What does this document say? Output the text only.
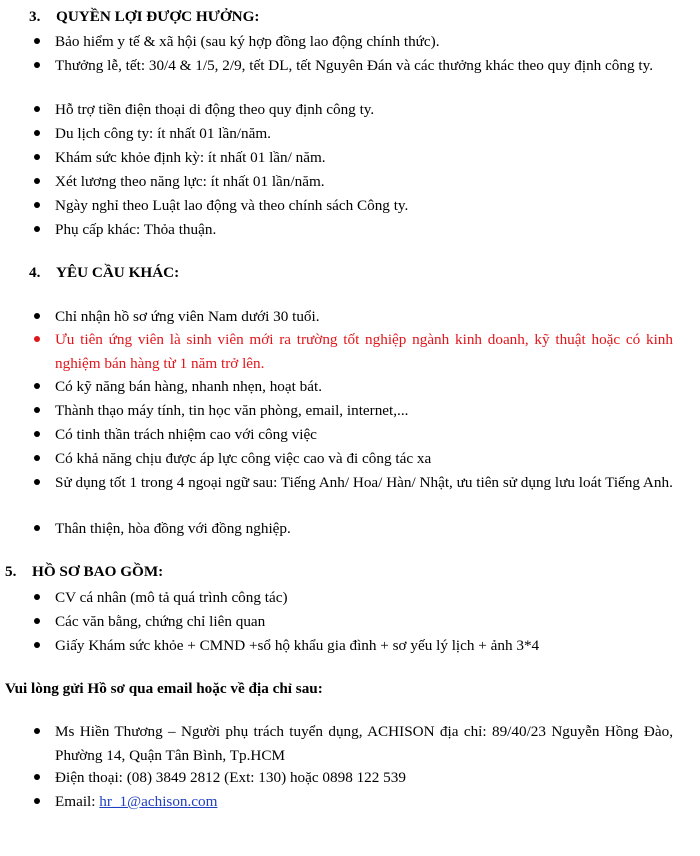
3. QUYỀN LỢI ĐƯỢC HƯỞNG:
Bảo hiểm y tế & xã hội (sau ký hợp đồng lao động chính thức).
Thưởng lễ, tết: 30/4 & 1/5, 2/9, tết DL, tết Nguyên Đán và các thưởng khác theo quy định công ty.
Hỗ trợ tiền điện thoại di động theo quy định công ty.
Du lịch công ty: ít nhất 01 lần/năm.
Khám sức khỏe định kỳ: ít nhất 01 lần/ năm.
Xét lương theo năng lực: ít nhất 01 lần/năm.
Ngày nghỉ theo Luật lao động và theo chính sách Công ty.
Phụ cấp khác: Thỏa thuận.
4. YÊU CẦU KHÁC:
Chỉ nhận hồ sơ ứng viên Nam dưới 30 tuổi.
Ưu tiên ứng viên là sinh viên mới ra trường tốt nghiệp ngành kinh doanh, kỹ thuật hoặc có kinh nghiệm bán hàng từ 1 năm trở lên.
Có kỹ năng bán hàng, nhanh nhẹn, hoạt bát.
Thành thạo máy tính, tin học văn phòng, email, internet,...
Có tinh thần trách nhiệm cao với công việc
Có khả năng chịu được áp lực công việc cao và đi công tác xa
Sử dụng tốt 1 trong 4 ngoại ngữ sau: Tiếng Anh/ Hoa/ Hàn/ Nhật, ưu tiên sử dụng lưu loát Tiếng Anh.
Thân thiện, hòa đồng với đồng nghiệp.
5. HỒ SƠ BAO GỒM:
CV cá nhân (mô tả quá trình công tác)
Các văn bằng, chứng chỉ liên quan
Giấy Khám sức khỏe + CMND +sổ hộ khẩu gia đình + sơ yếu lý lịch + ảnh 3*4
Vui lòng gửi Hồ sơ qua email hoặc về địa chỉ sau:
Ms Hiền Thương – Người phụ trách tuyển dụng, ACHISON địa chỉ: 89/40/23 Nguyễn Hồng Đào, Phường 14, Quận Tân Bình, Tp.HCM
Điện thoại: (08) 3849 2812 (Ext: 130) hoặc 0898 122 539
Email: hr_1@achison.com
